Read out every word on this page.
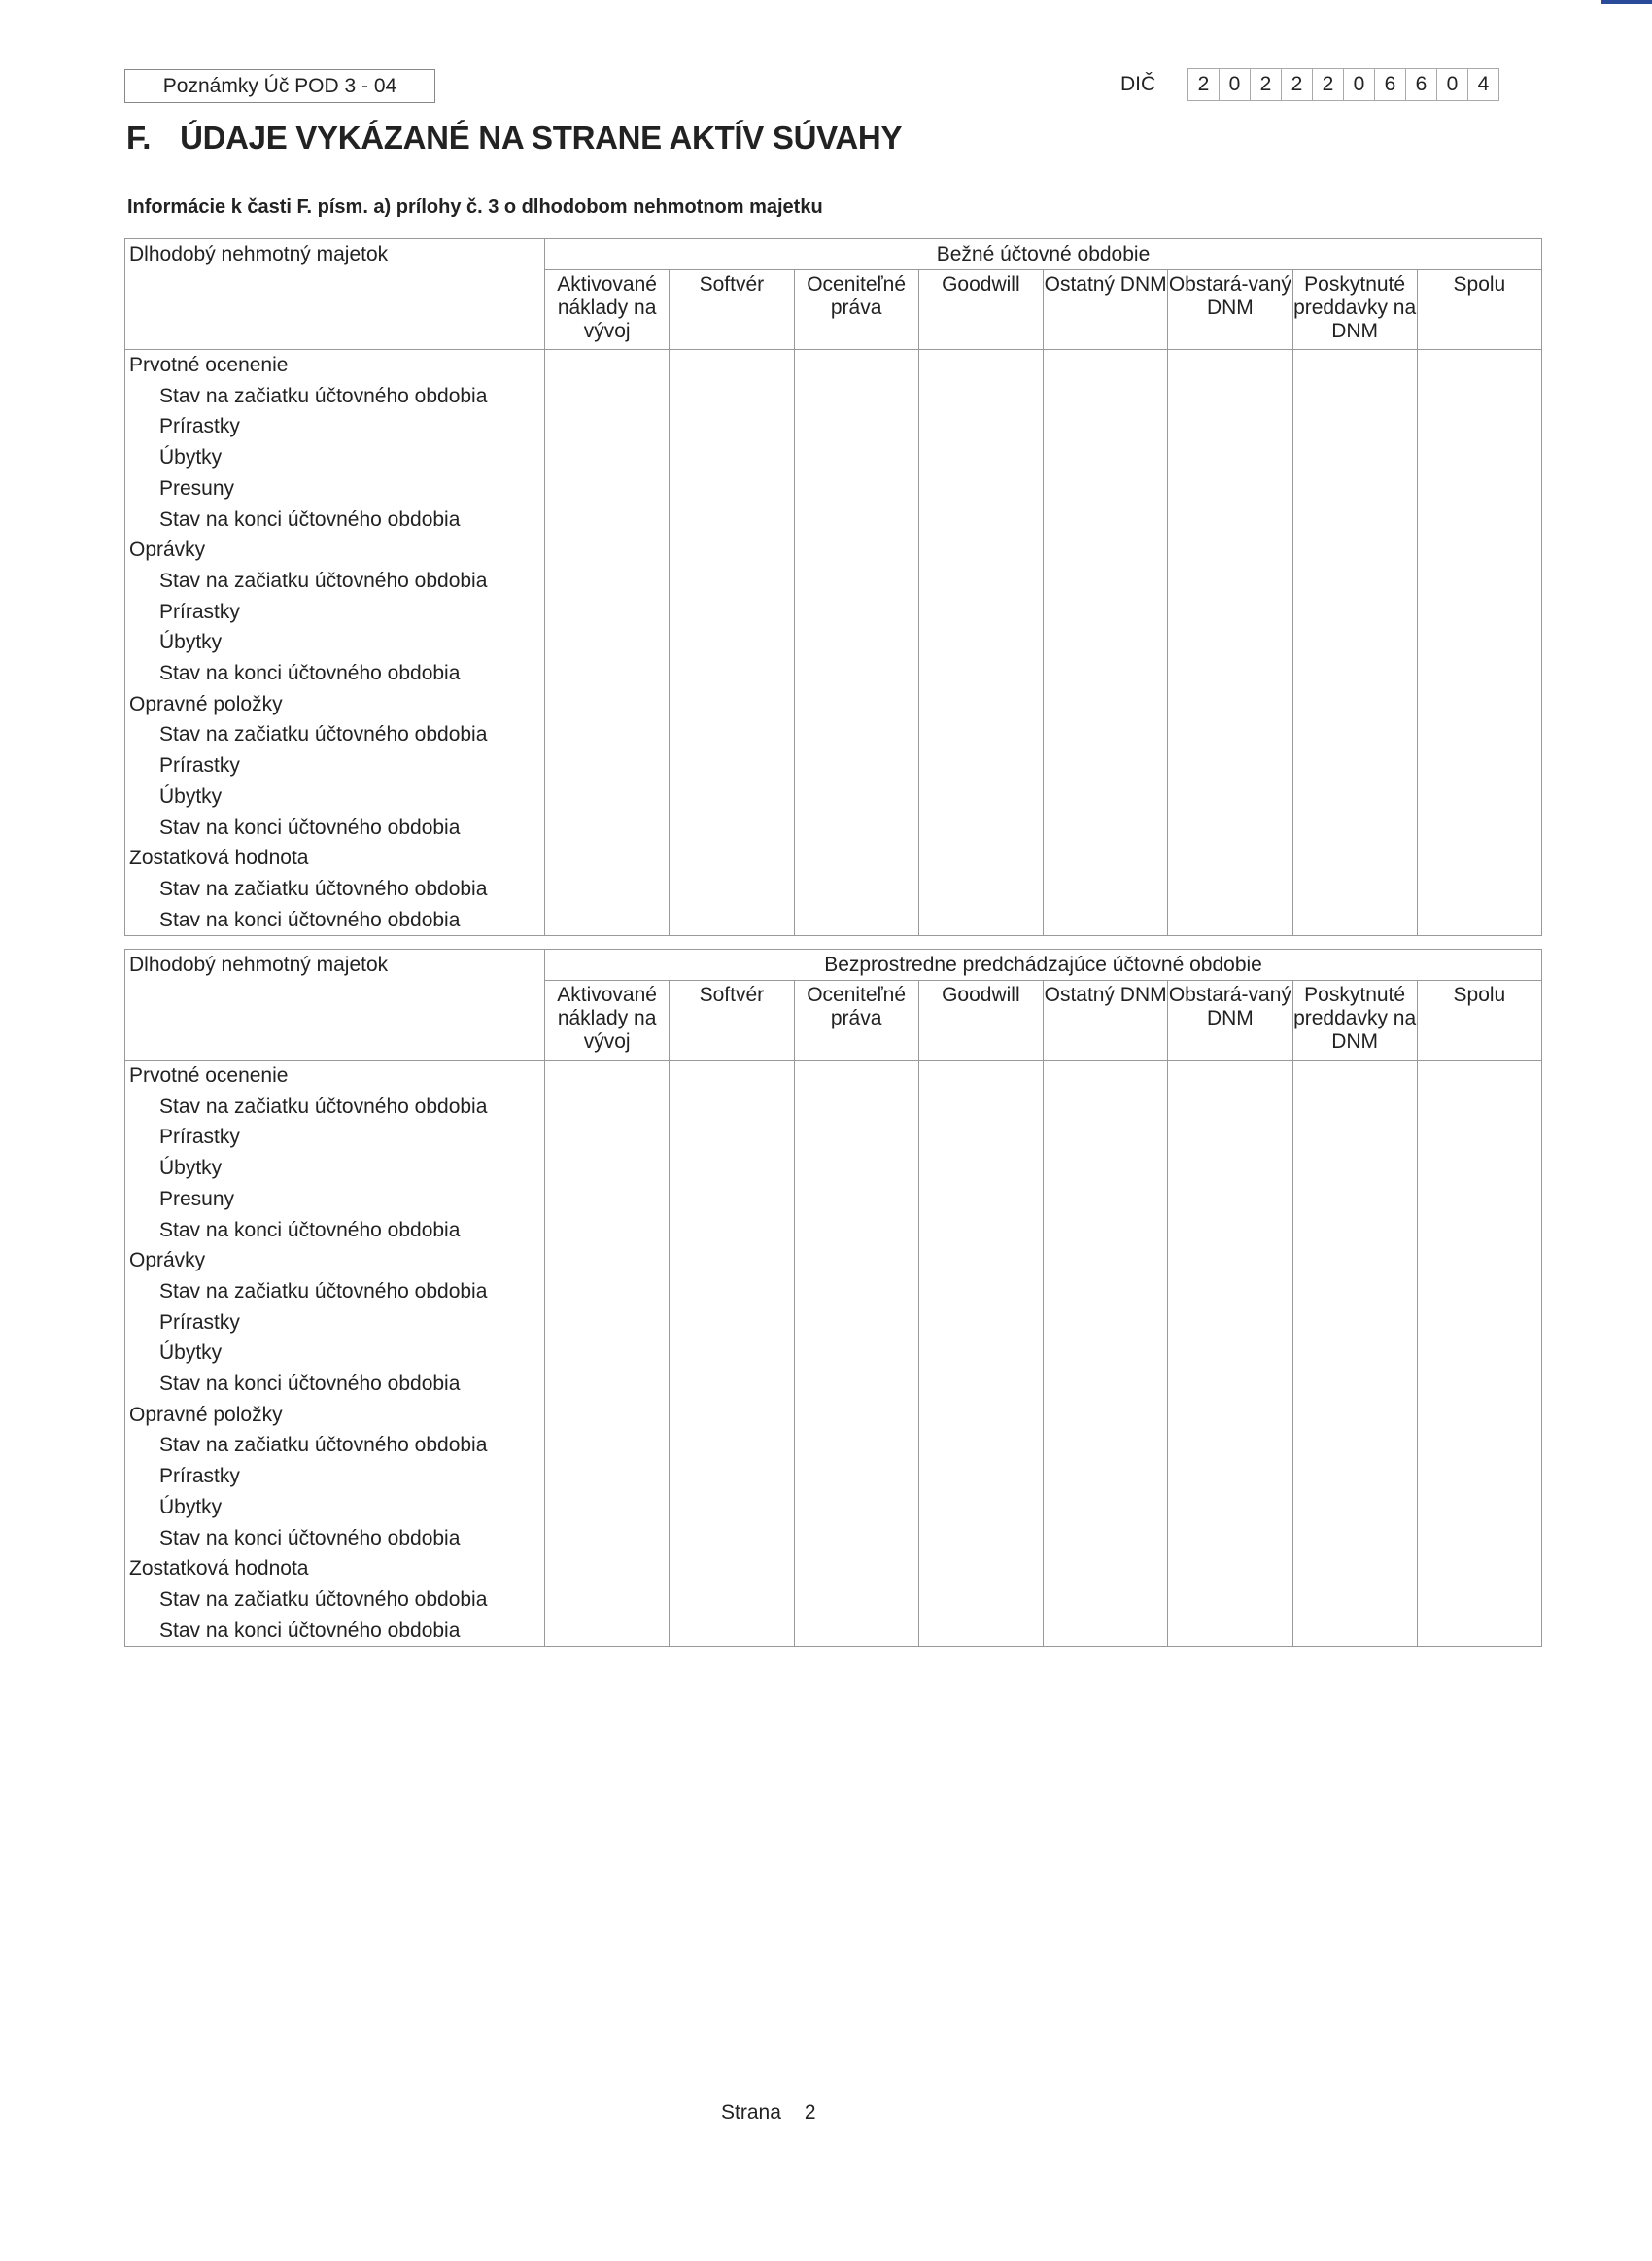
Poznámky Úč POD 3 - 04	DIČ	2 0 2 2 2 0 6 6 0 4
F. ÚDAJE VYKÁZANÉ NA STRANE AKTÍV SÚVAHY
Informácie k časti F. písm. a) prílohy č. 3 o dlhodobom nehmotnom majetku
Dlhodobý nehmotný majetok	Bežné účtovné obdobie							
	Aktivované náklady na vývoj	Softvér	Oceniteľné práva	Goodwill	Ostatný DNM	Obstará-vaný DNM	Poskytnuté preddavky na DNM	Spolu
Prvotné ocenenie								
Stav na začiatku účtovného obdobia								
Prírastky								
Úbytky								
Presuny								
Stav na konci účtovného obdobia								
Oprávky								
Stav na začiatku účtovného obdobia								
Prírastky								
Úbytky								
Stav na konci účtovného obdobia								
Opravné položky								
Stav na začiatku účtovného obdobia								
Prírastky								
Úbytky								
Stav na konci účtovného obdobia								
Zostatková hodnota								
Stav na začiatku účtovného obdobia								
Stav na konci účtovného obdobia								
Dlhodobý nehmotný majetok	Bezprostredne predchádzajúce účtovné obdobie							
	Aktivované náklady na vývoj	Softvér	Oceniteľné práva	Goodwill	Ostatný DNM	Obstará-vaný DNM	Poskytnuté preddavky na DNM	Spolu
Prvotné ocenenie								
Stav na začiatku účtovného obdobia								
Prírastky								
Úbytky								
Presuny								
Stav na konci účtovného obdobia								
Oprávky								
Stav na začiatku účtovného obdobia								
Prírastky								
Úbytky								
Stav na konci účtovného obdobia								
Opravné položky								
Stav na začiatku účtovného obdobia								
Prírastky								
Úbytky								
Stav na konci účtovného obdobia								
Zostatková hodnota								
Stav na začiatku účtovného obdobia								
Stav na konci účtovného obdobia								
Strana 2
